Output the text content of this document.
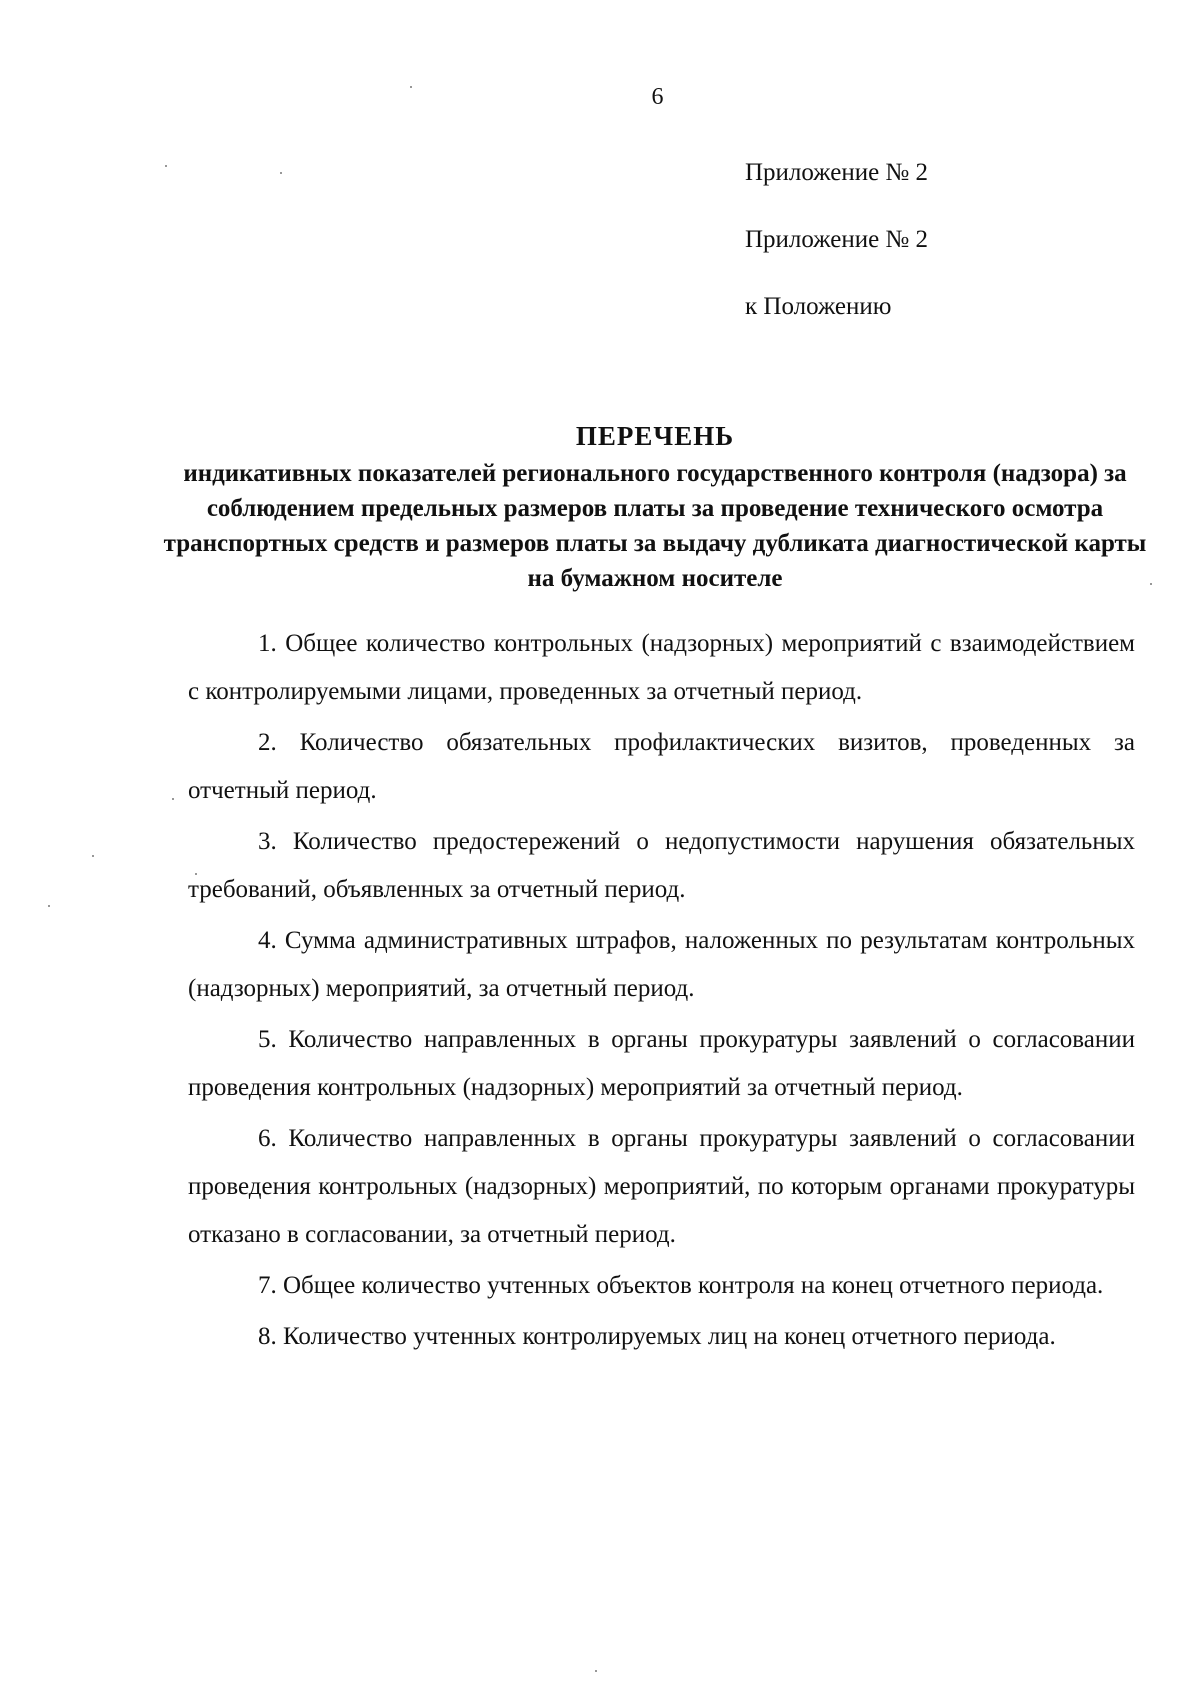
6
Приложение № 2
Приложение № 2
к Положению
ПЕРЕЧЕНЬ
индикативных показателей регионального государственного контроля (надзора) за соблюдением предельных размеров платы за проведение технического осмотра транспортных средств и размеров платы за выдачу дубликата диагностической карты на бумажном носителе

1. Общее количество контрольных (надзорных) мероприятий с взаимодействием с контролируемыми лицами, проведенных за отчетный период.

2. Количество обязательных профилактических визитов, проведенных за отчетный период.

3. Количество предостережений о недопустимости нарушения обязательных требований, объявленных за отчетный период.

4. Сумма административных штрафов, наложенных по результатам контрольных (надзорных) мероприятий, за отчетный период.

5. Количество направленных в органы прокуратуры заявлений о согласовании проведения контрольных (надзорных) мероприятий за отчетный период.

6. Количество направленных в органы прокуратуры заявлений о согласовании проведения контрольных (надзорных) мероприятий, по которым органами прокуратуры отказано в согласовании, за отчетный период.

7. Общее количество учтенных объектов контроля на конец отчетного периода.

8. Количество учтенных контролируемых лиц на конец отчетного периода.
